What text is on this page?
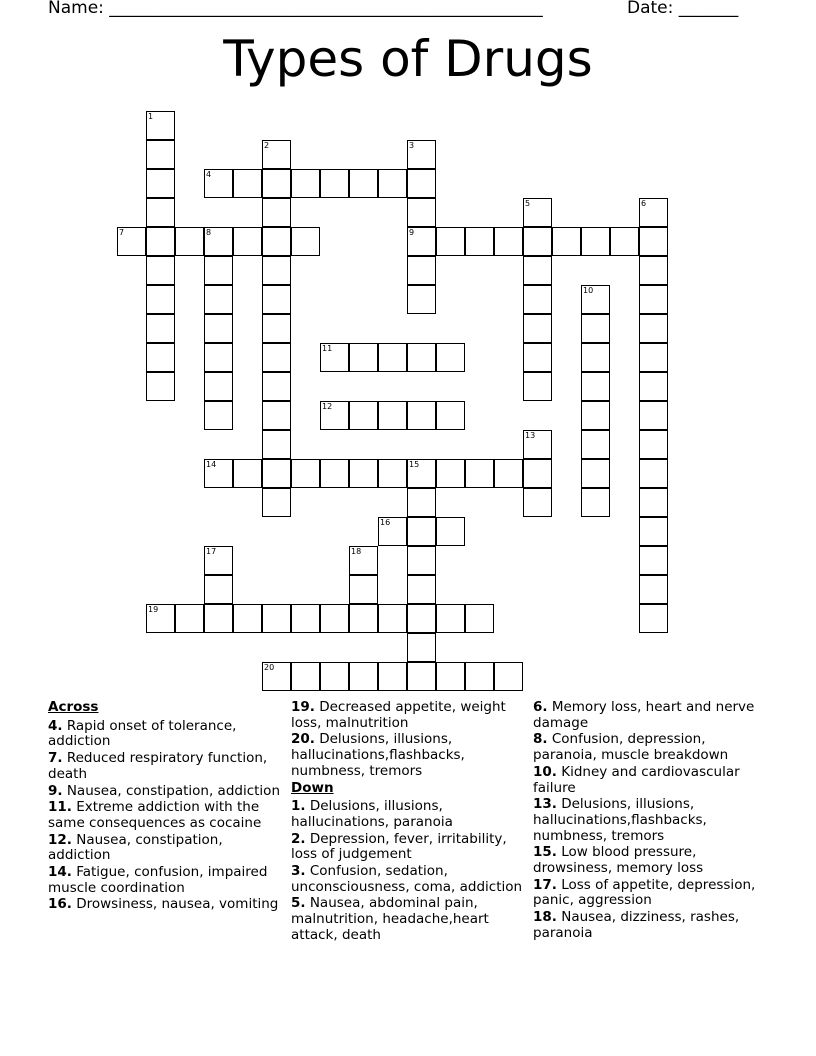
Name: ___________________________________________________	Date: _______
Types of Drugs
1
2	3
9
4
5	6
7	8
10
11
12
13
14	15
16
17	18
19
20
Across
4. Rapid onset of tolerance, addiction
7. Reduced respiratory function, death
9. Nausea, constipation, addiction
11. Extreme addiction with the same consequences as cocaine
12. Nausea, constipation, addiction
14. Fatigue, confusion, impaired muscle coordination
16. Drowsiness, nausea, vomiting
19. Decreased appetite, weight loss, malnutrition
20. Delusions, illusions, hallucinations,flashbacks, numbness, tremors
Down
1. Delusions, illusions, hallucinations, paranoia
2. Depression, fever, irritability, loss of judgement
3. Confusion, sedation, unconsciousness, coma, addiction
5. Nausea, abdominal pain, malnutrition, headache,heart attack, death
6. Memory loss, heart and nerve damage
8. Confusion, depression, paranoia, muscle breakdown
10. Kidney and cardiovascular failure
13. Delusions, illusions, hallucinations,flashbacks, numbness, tremors
15. Low blood pressure, drowsiness, memory loss
17. Loss of appetite, depression, panic, aggression
18. Nausea, dizziness, rashes, paranoia
